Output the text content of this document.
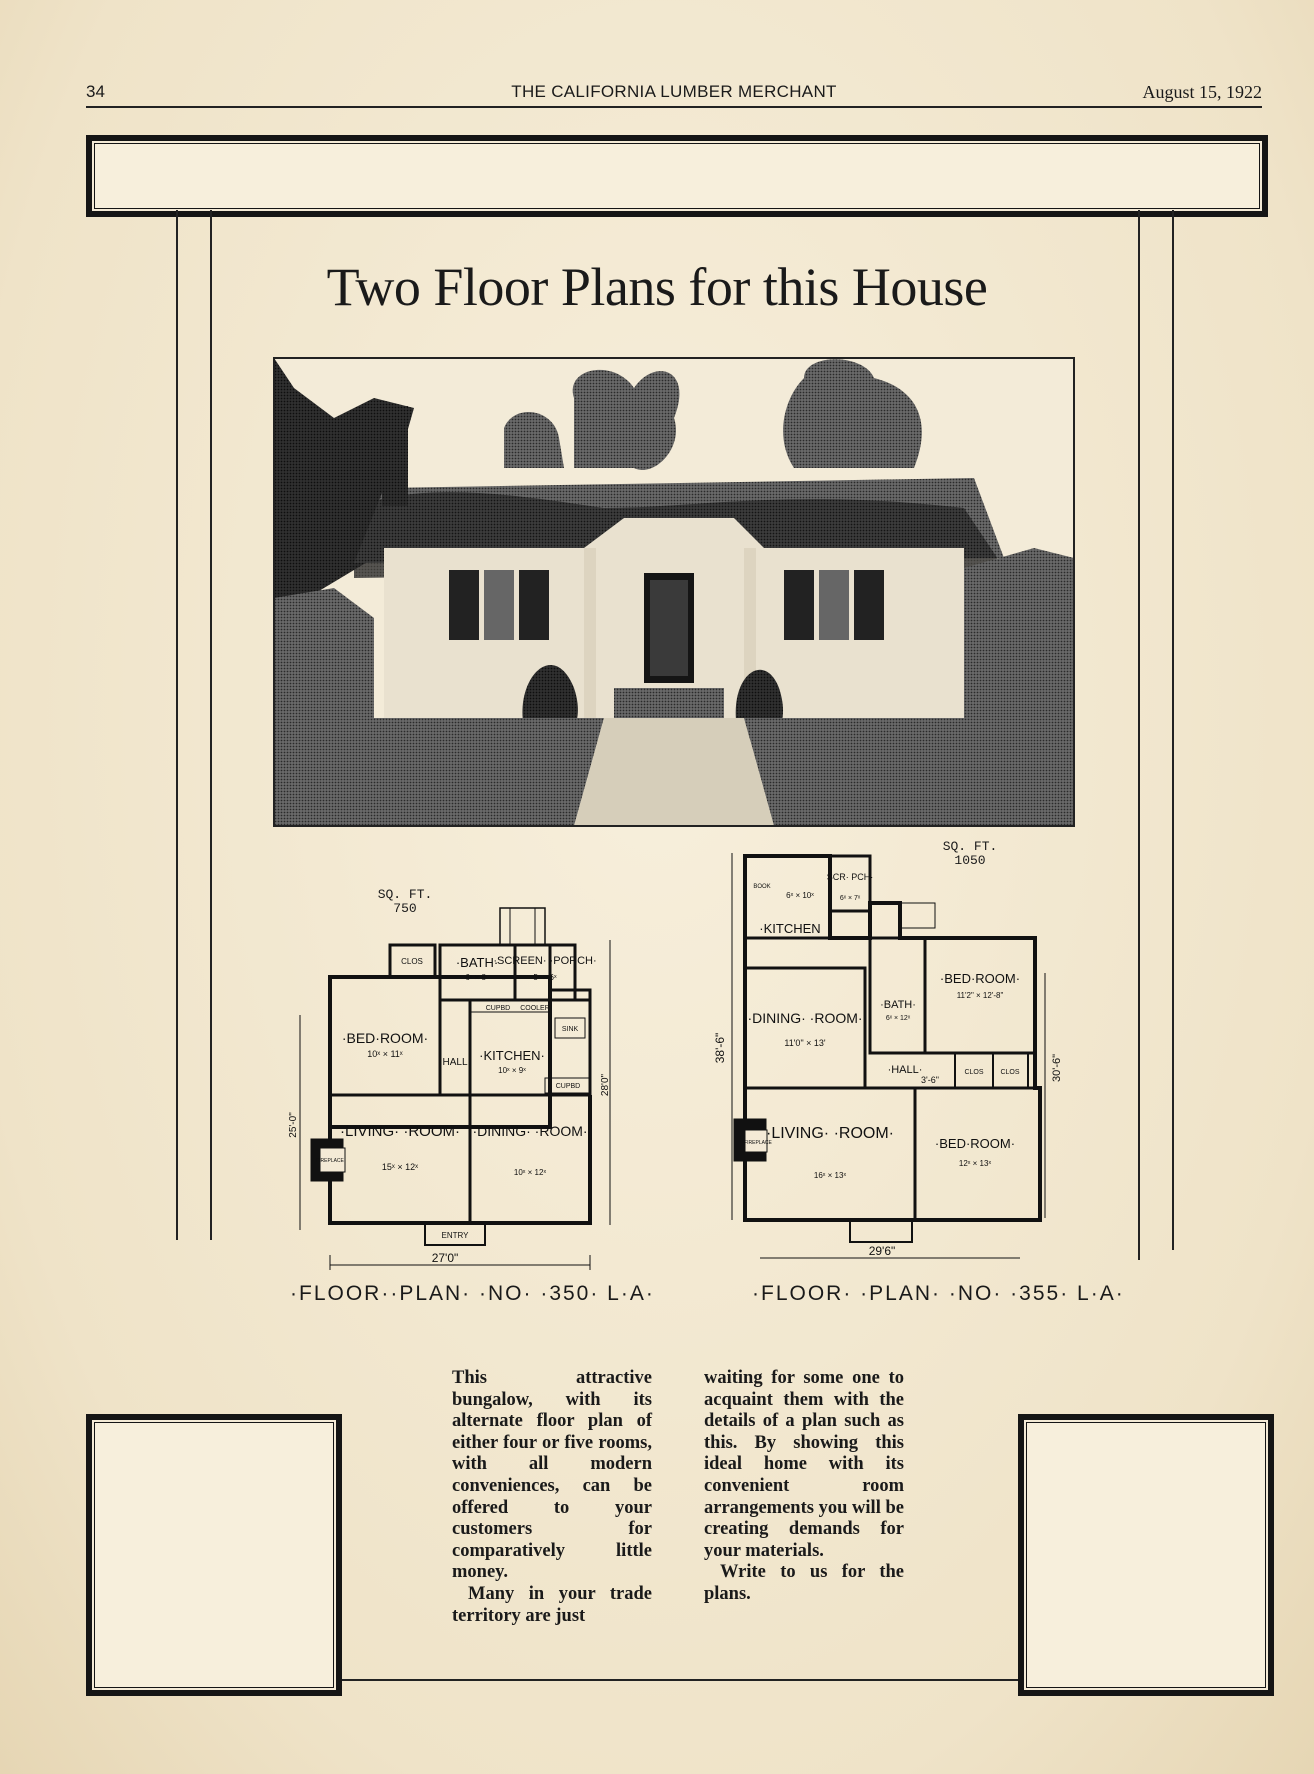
34	THE CALIFORNIA LUMBER MERCHANT	August 15, 1922
Two Floor Plans for this House
SQ. FT.
750
CLOS	·BATH·
6ˣ × 8ˣ
·SCREEN· ·PORCH·
5ˣ × 6ˣ
CUPBD COOLER
SINK
·BED·ROOM·
10ˣ × 11ˣ
HALL ·KITCHEN·
10ˣ × 9ˣ
CUPBD
·LIVING· ·ROOM·
15ˣ × 12ˣ
FIREPLACE
·DINING· ·ROOM·
10ˣ × 12ˣ
ENTRY
27'0"
25'-0"
28'0"
·FLOOR··PLAN· ·NO· ·350· L·A·
SQ. FT.
1050
BOOK
6ˣ × 10ˣ
·KITCHEN
SCR· PCH·
6ˣ × 7ˣ
·DINING· ·ROOM·
11'0" × 13'
·BATH·
6ˣ × 12ˣ
·BED·ROOM·
11'2" × 12'-8"
·HALL·
3'-6"
CLOS CLOS
·LIVING· ·ROOM·
16ˣ × 13ˣ
FIREPLACE	·BED·ROOM·
12ˣ × 13ˣ
29'6"
38'-6"
30'-6"
·FLOOR· ·PLAN· ·NO· ·355· L·A·

This attractive bungalow, with its alternate floor plan of either four or five rooms, with all modern conveniences, can be offered to your customers for comparatively little money.

Many in your trade territory are just

waiting for some one to acquaint them with the details of a plan such as this. By showing this ideal home with its convenient room arrangements you will be creating demands for your materials.

Write to us for the plans.
